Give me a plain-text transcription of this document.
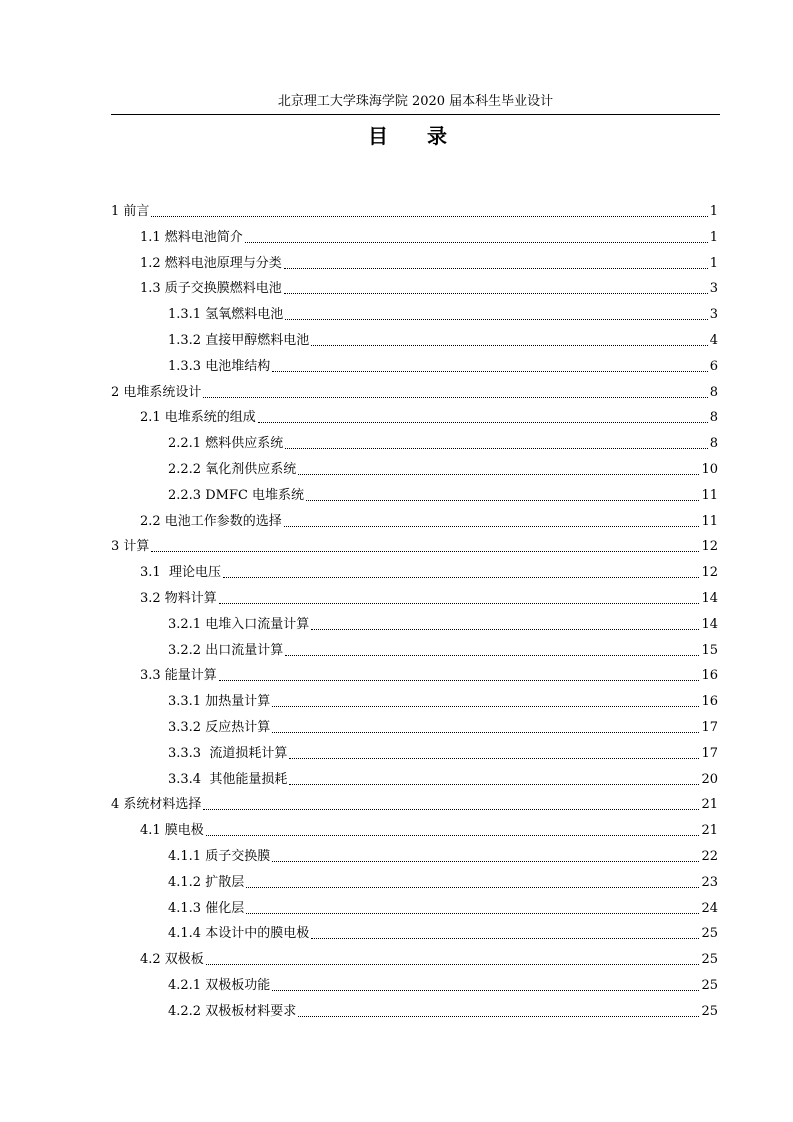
北京理工大学珠海学院 2020 届本科生毕业设计
目 录
1 前言	1
1.1 燃料电池简介	1
1.2 燃料电池原理与分类	1
1.3 质子交换膜燃料电池	3
1.3.1 氢氧燃料电池	3
1.3.2 直接甲醇燃料电池	4
1.3.3 电池堆结构	6
2 电堆系统设计	8
2.1 电堆系统的组成	8
2.2.1 燃料供应系统	8
2.2.2 氧化剂供应系统	10
2.2.3 DMFC 电堆系统	11
2.2 电池工作参数的选择	11
3 计算	12
3.1  理论电压	12
3.2 物料计算	14
3.2.1 电堆入口流量计算	14
3.2.2 出口流量计算	15
3.3 能量计算	16
3.3.1 加热量计算	16
3.3.2 反应热计算	17
3.3.3  流道损耗计算	17
3.3.4  其他能量损耗	20
4 系统材料选择	21
4.1 膜电极	21
4.1.1 质子交换膜	22
4.1.2 扩散层	23
4.1.3 催化层	24
4.1.4 本设计中的膜电极	25
4.2 双极板	25
4.2.1 双极板功能	25
4.2.2 双极板材料要求	25
